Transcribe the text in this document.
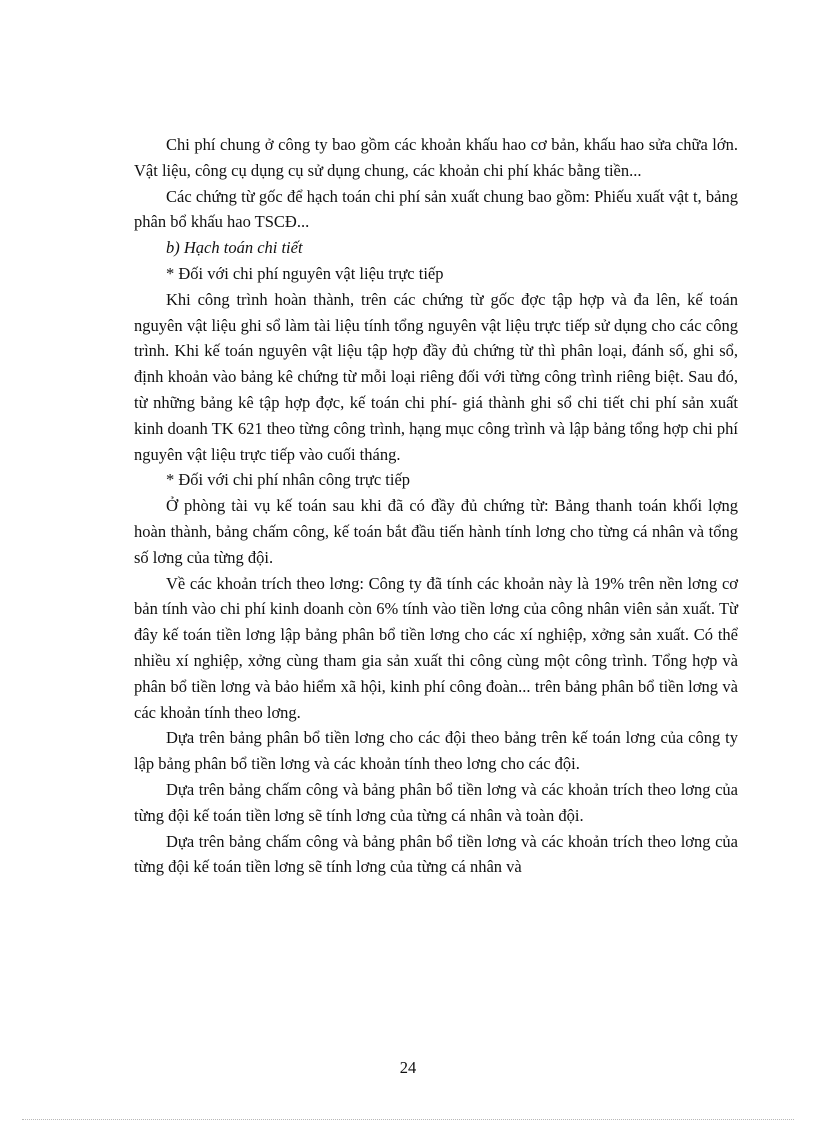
Chi phí chung ở công ty bao gồm các khoản khấu hao cơ bản, khấu hao sửa chữa lớn. Vật liệu, công cụ dụng cụ sử dụng chung, các khoản chi phí khác bằng tiền...

Các chứng từ gốc để hạch toán chi phí sản xuất chung bao gồm: Phiếu xuất vật t, bảng phân bổ khấu hao TSCĐ...

b) Hạch toán chi tiết

* Đối với chi phí nguyên vật liệu trực tiếp

Khi công trình hoàn thành, trên các chứng từ gốc đợc tập hợp và đa lên, kế toán nguyên vật liệu ghi sổ làm tài liệu tính tổng nguyên vật liệu trực tiếp sử dụng cho các công trình. Khi kế toán nguyên vật liệu tập hợp đầy đủ chứng từ thì phân loại, đánh số, ghi sổ, định khoản vào bảng kê chứng từ mỗi loại riêng đối với từng công trình riêng biệt. Sau đó, từ những bảng kê tập hợp đợc, kế toán chi phí- giá thành ghi sổ chi tiết chi phí sản xuất kinh doanh TK 621 theo từng công trình, hạng mục công trình và lập bảng tổng hợp chi phí nguyên vật liệu trực tiếp vào cuối tháng.

* Đối với chi phí nhân công trực tiếp

Ở phòng tài vụ kế toán sau khi đã có đầy đủ chứng từ: Bảng thanh toán khối lợng hoàn thành, bảng chấm công, kế toán bắt đầu tiến hành tính lơng cho từng cá nhân và tổng số lơng của từng đội.

Về các khoản trích theo lơng: Công ty đã tính các khoản này là 19% trên nền lơng cơ bản tính vào chi phí kinh doanh còn 6% tính vào tiền lơng của công nhân viên sản xuất. Từ đây kế toán tiền lơng lập bảng phân bổ tiền lơng cho các xí nghiệp, xởng sản xuất. Có thể nhiều xí nghiệp, xởng cùng tham gia sản xuất thi công cùng một công trình. Tổng hợp và phân bổ tiền lơng và bảo hiểm xã hội, kinh phí công đoàn... trên bảng phân bổ tiền lơng và các khoản tính theo lơng.

Dựa trên bảng phân bổ tiền lơng cho các đội theo bảng trên kế toán lơng của công ty lập bảng phân bổ tiền lơng và các khoản tính theo lơng cho các đội.

Dựa trên bảng chấm công và bảng phân bổ tiền lơng và các khoản trích theo lơng của từng đội kế toán tiền lơng sẽ tính lơng của từng cá nhân và toàn đội.

Dựa trên bảng chấm công và bảng phân bổ tiền lơng và các khoản trích theo lơng của từng đội kế toán tiền lơng sẽ tính lơng của từng cá nhân và

24
